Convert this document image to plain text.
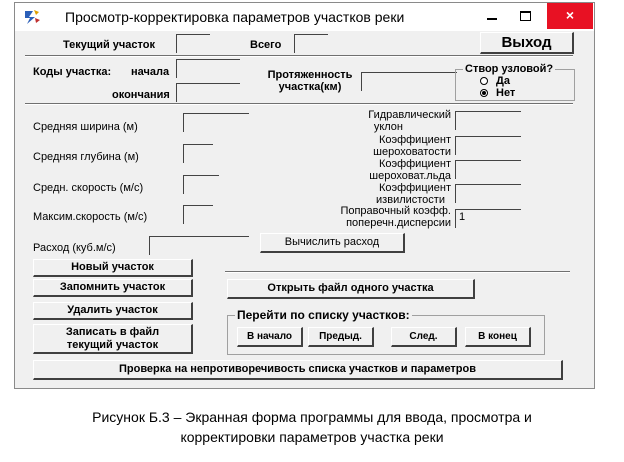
Просмотр-корректировка параметров участков реки	×
Текущий участок	Всего	Выход
Коды участка: начала
окончания
Протяженность
участка(км)
Створ узловой?
Да
Нет
Средняя ширина (м)
Средняя глубина (м)
Средн. скорость (м/с)
Максим.скорость (м/с)
Расход (куб.м/с)
Гидравлический
уклон
Коэффициент
шероховатости
Коэффициент
шероховат.льда
Коэффициент
извилистости
Поправочный коэфф.
поперечн.дисперсии 1
Вычислить расход
Новый участок
Запомнить участок
Удалить участок
Записать в файл
текущий участок
Открыть файл одного участка
Перейти по списку участков:
В начало	Предыд.	След.	В конец
Проверка на непротиворечивость списка участков и параметров
Рисунок Б.3 – Экранная форма программы для ввода, просмотра и
корректировки параметров участка реки
